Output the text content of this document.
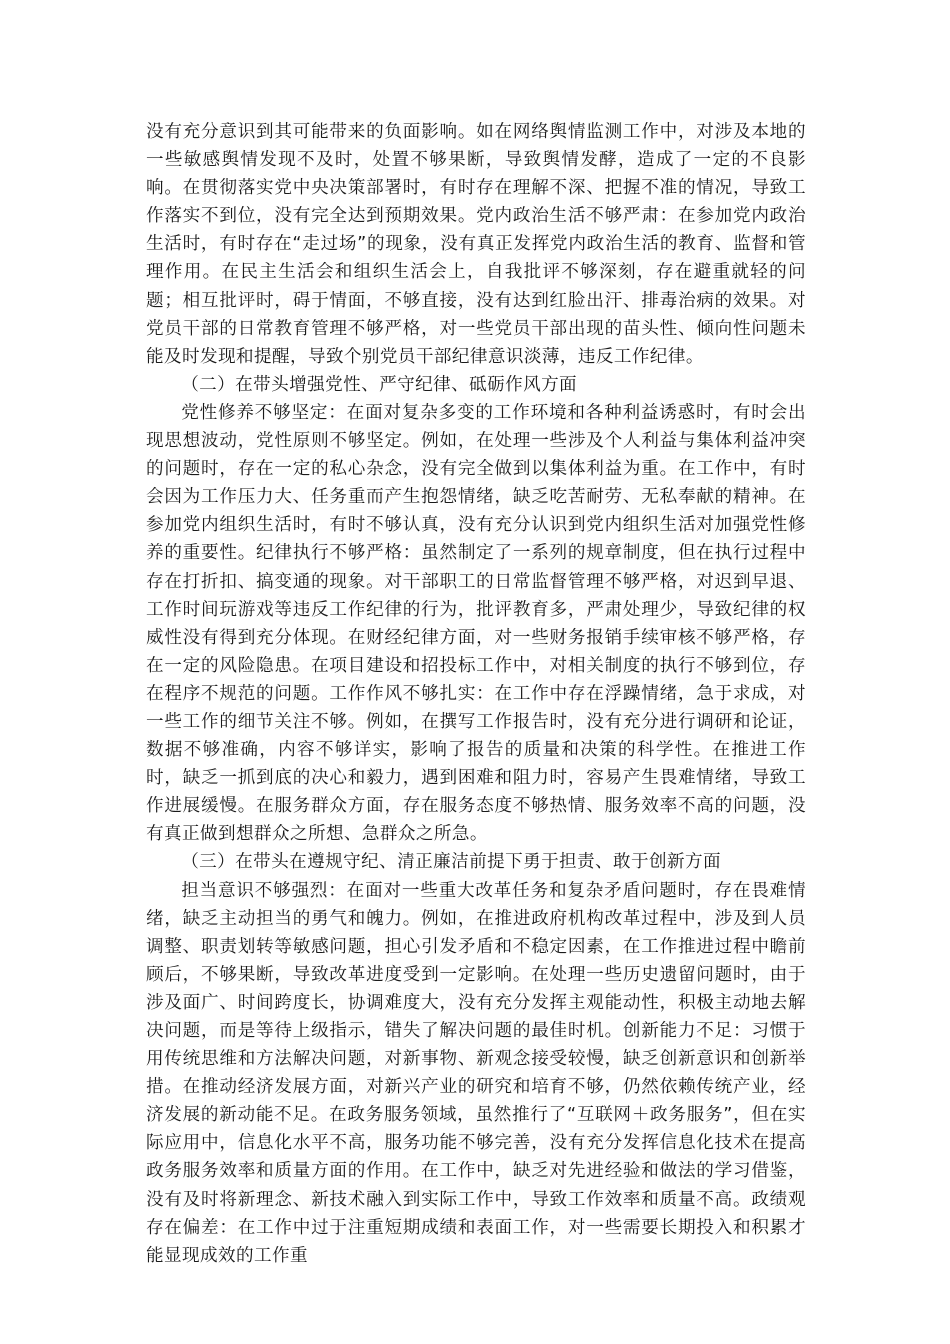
没有充分意识到其可能带来的负面影响。如在网络舆情监测工作中，对涉及本地的一些敏感舆情发现不及时，处置不够果断，导致舆情发酵，造成了一定的不良影响。在贯彻落实党中央决策部署时，有时存在理解不深、把握不准的情况，导致工作落实不到位，没有完全达到预期效果。党内政治生活不够严肃：在参加党内政治生活时，有时存在“走过场”的现象，没有真正发挥党内政治生活的教育、监督和管理作用。在民主生活会和组织生活会上，自我批评不够深刻，存在避重就轻的问题；相互批评时，碍于情面，不够直接，没有达到红脸出汗、排毒治病的效果。对党员干部的日常教育管理不够严格，对一些党员干部出现的苗头性、倾向性问题未能及时发现和提醒，导致个别党员干部纪律意识淡薄，违反工作纪律。

（二）在带头增强党性、严守纪律、砥砺作风方面

党性修养不够坚定：在面对复杂多变的工作环境和各种利益诱惑时，有时会出现思想波动，党性原则不够坚定。例如，在处理一些涉及个人利益与集体利益冲突的问题时，存在一定的私心杂念，没有完全做到以集体利益为重。在工作中，有时会因为工作压力大、任务重而产生抱怨情绪，缺乏吃苦耐劳、无私奉献的精神。在参加党内组织生活时，有时不够认真，没有充分认识到党内组织生活对加强党性修养的重要性。纪律执行不够严格：虽然制定了一系列的规章制度，但在执行过程中存在打折扣、搞变通的现象。对干部职工的日常监督管理不够严格，对迟到早退、工作时间玩游戏等违反工作纪律的行为，批评教育多，严肃处理少，导致纪律的权威性没有得到充分体现。在财经纪律方面，对一些财务报销手续审核不够严格，存在一定的风险隐患。在项目建设和招投标工作中，对相关制度的执行不够到位，存在程序不规范的问题。工作作风不够扎实：在工作中存在浮躁情绪，急于求成，对一些工作的细节关注不够。例如，在撰写工作报告时，没有充分进行调研和论证，数据不够准确，内容不够详实，影响了报告的质量和决策的科学性。在推进工作时，缺乏一抓到底的决心和毅力，遇到困难和阻力时，容易产生畏难情绪，导致工作进展缓慢。在服务群众方面，存在服务态度不够热情、服务效率不高的问题，没有真正做到想群众之所想、急群众之所急。

（三）在带头在遵规守纪、清正廉洁前提下勇于担责、敢于创新方面

担当意识不够强烈：在面对一些重大改革任务和复杂矛盾问题时，存在畏难情绪，缺乏主动担当的勇气和魄力。例如，在推进政府机构改革过程中，涉及到人员调整、职责划转等敏感问题，担心引发矛盾和不稳定因素，在工作推进过程中瞻前顾后，不够果断，导致改革进度受到一定影响。在处理一些历史遗留问题时，由于涉及面广、时间跨度长，协调难度大，没有充分发挥主观能动性，积极主动地去解决问题，而是等待上级指示，错失了解决问题的最佳时机。创新能力不足：习惯于用传统思维和方法解决问题，对新事物、新观念接受较慢，缺乏创新意识和创新举措。在推动经济发展方面，对新兴产业的研究和培育不够，仍然依赖传统产业，经济发展的新动能不足。在政务服务领域，虽然推行了“互联网＋政务服务”，但在实际应用中，信息化水平不高，服务功能不够完善，没有充分发挥信息化技术在提高政务服务效率和质量方面的作用。在工作中，缺乏对先进经验和做法的学习借鉴，没有及时将新理念、新技术融入到实际工作中，导致工作效率和质量不高。政绩观存在偏差：在工作中过于注重短期成绩和表面工作，对一些需要长期投入和积累才能显现成效的工作重
